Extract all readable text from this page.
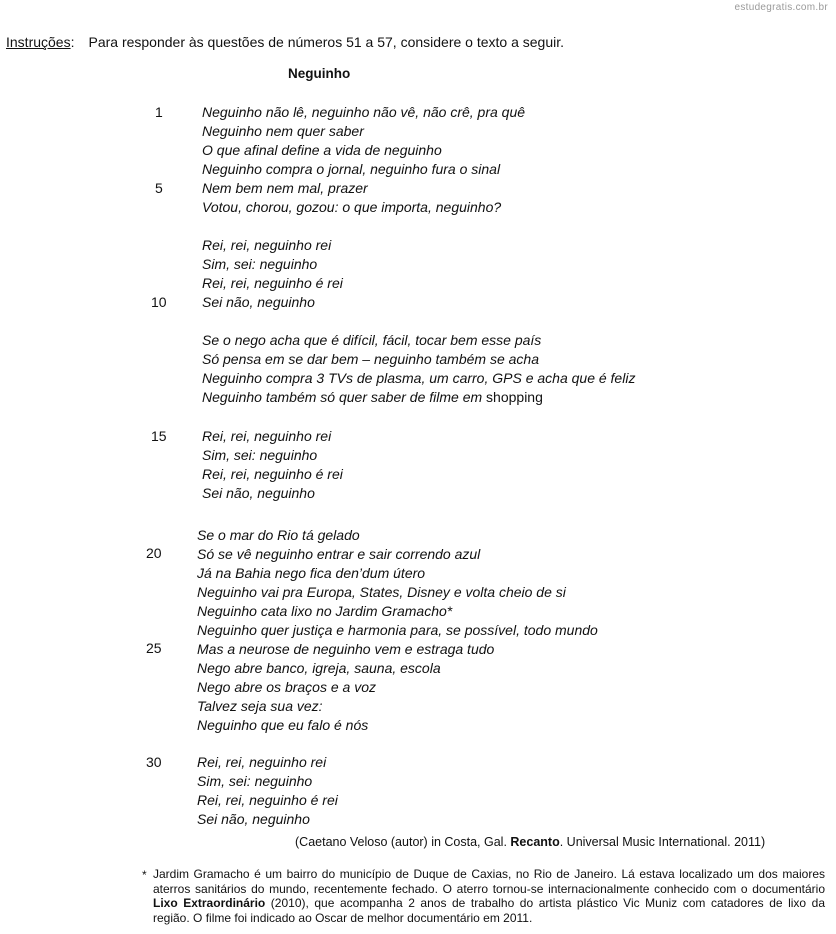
estudegratis.com.br
Instruções: Para responder às questões de números 51 a 57, considere o texto a seguir.
Neguinho
1
5
10
15
20
25
30
Neguinho não lê, neguinho não vê, não crê, pra quê
Neguinho nem quer saber
O que afinal define a vida de neguinho
Neguinho compra o jornal, neguinho fura o sinal
Nem bem nem mal, prazer
Votou, chorou, gozou: o que importa, neguinho?
Rei, rei, neguinho rei
Sim, sei: neguinho
Rei, rei, neguinho é rei
Sei não, neguinho
Se o nego acha que é difícil, fácil, tocar bem esse país
Só pensa em se dar bem – neguinho também se acha
Neguinho compra 3 TVs de plasma, um carro, GPS e acha que é feliz
Neguinho também só quer saber de filme em shopping
Rei, rei, neguinho rei
Sim, sei: neguinho
Rei, rei, neguinho é rei
Sei não, neguinho
Se o mar do Rio tá gelado
Só se vê neguinho entrar e sair correndo azul
Já na Bahia nego fica den’dum útero
Neguinho vai pra Europa, States, Disney e volta cheio de si
Neguinho cata lixo no Jardim Gramacho*
Neguinho quer justiça e harmonia para, se possível, todo mundo
Mas a neurose de neguinho vem e estraga tudo
Nego abre banco, igreja, sauna, escola
Nego abre os braços e a voz
Talvez seja sua vez:
Neguinho que eu falo é nós
Rei, rei, neguinho rei
Sim, sei: neguinho
Rei, rei, neguinho é rei
Sei não, neguinho
(Caetano Veloso (autor) in Costa, Gal. Recanto. Universal Music International. 2011)
* Jardim Gramacho é um bairro do município de Duque de Caxias, no Rio de Janeiro. Lá estava localizado um dos maiores aterros sanitários do mundo, recentemente fechado. O aterro tornou-se internacionalmente conhecido com o documentário Lixo Extraordinário (2010), que acompanha 2 anos de trabalho do artista plástico Vic Muniz com catadores de lixo da região. O filme foi indicado ao Oscar de melhor documentário em 2011.
